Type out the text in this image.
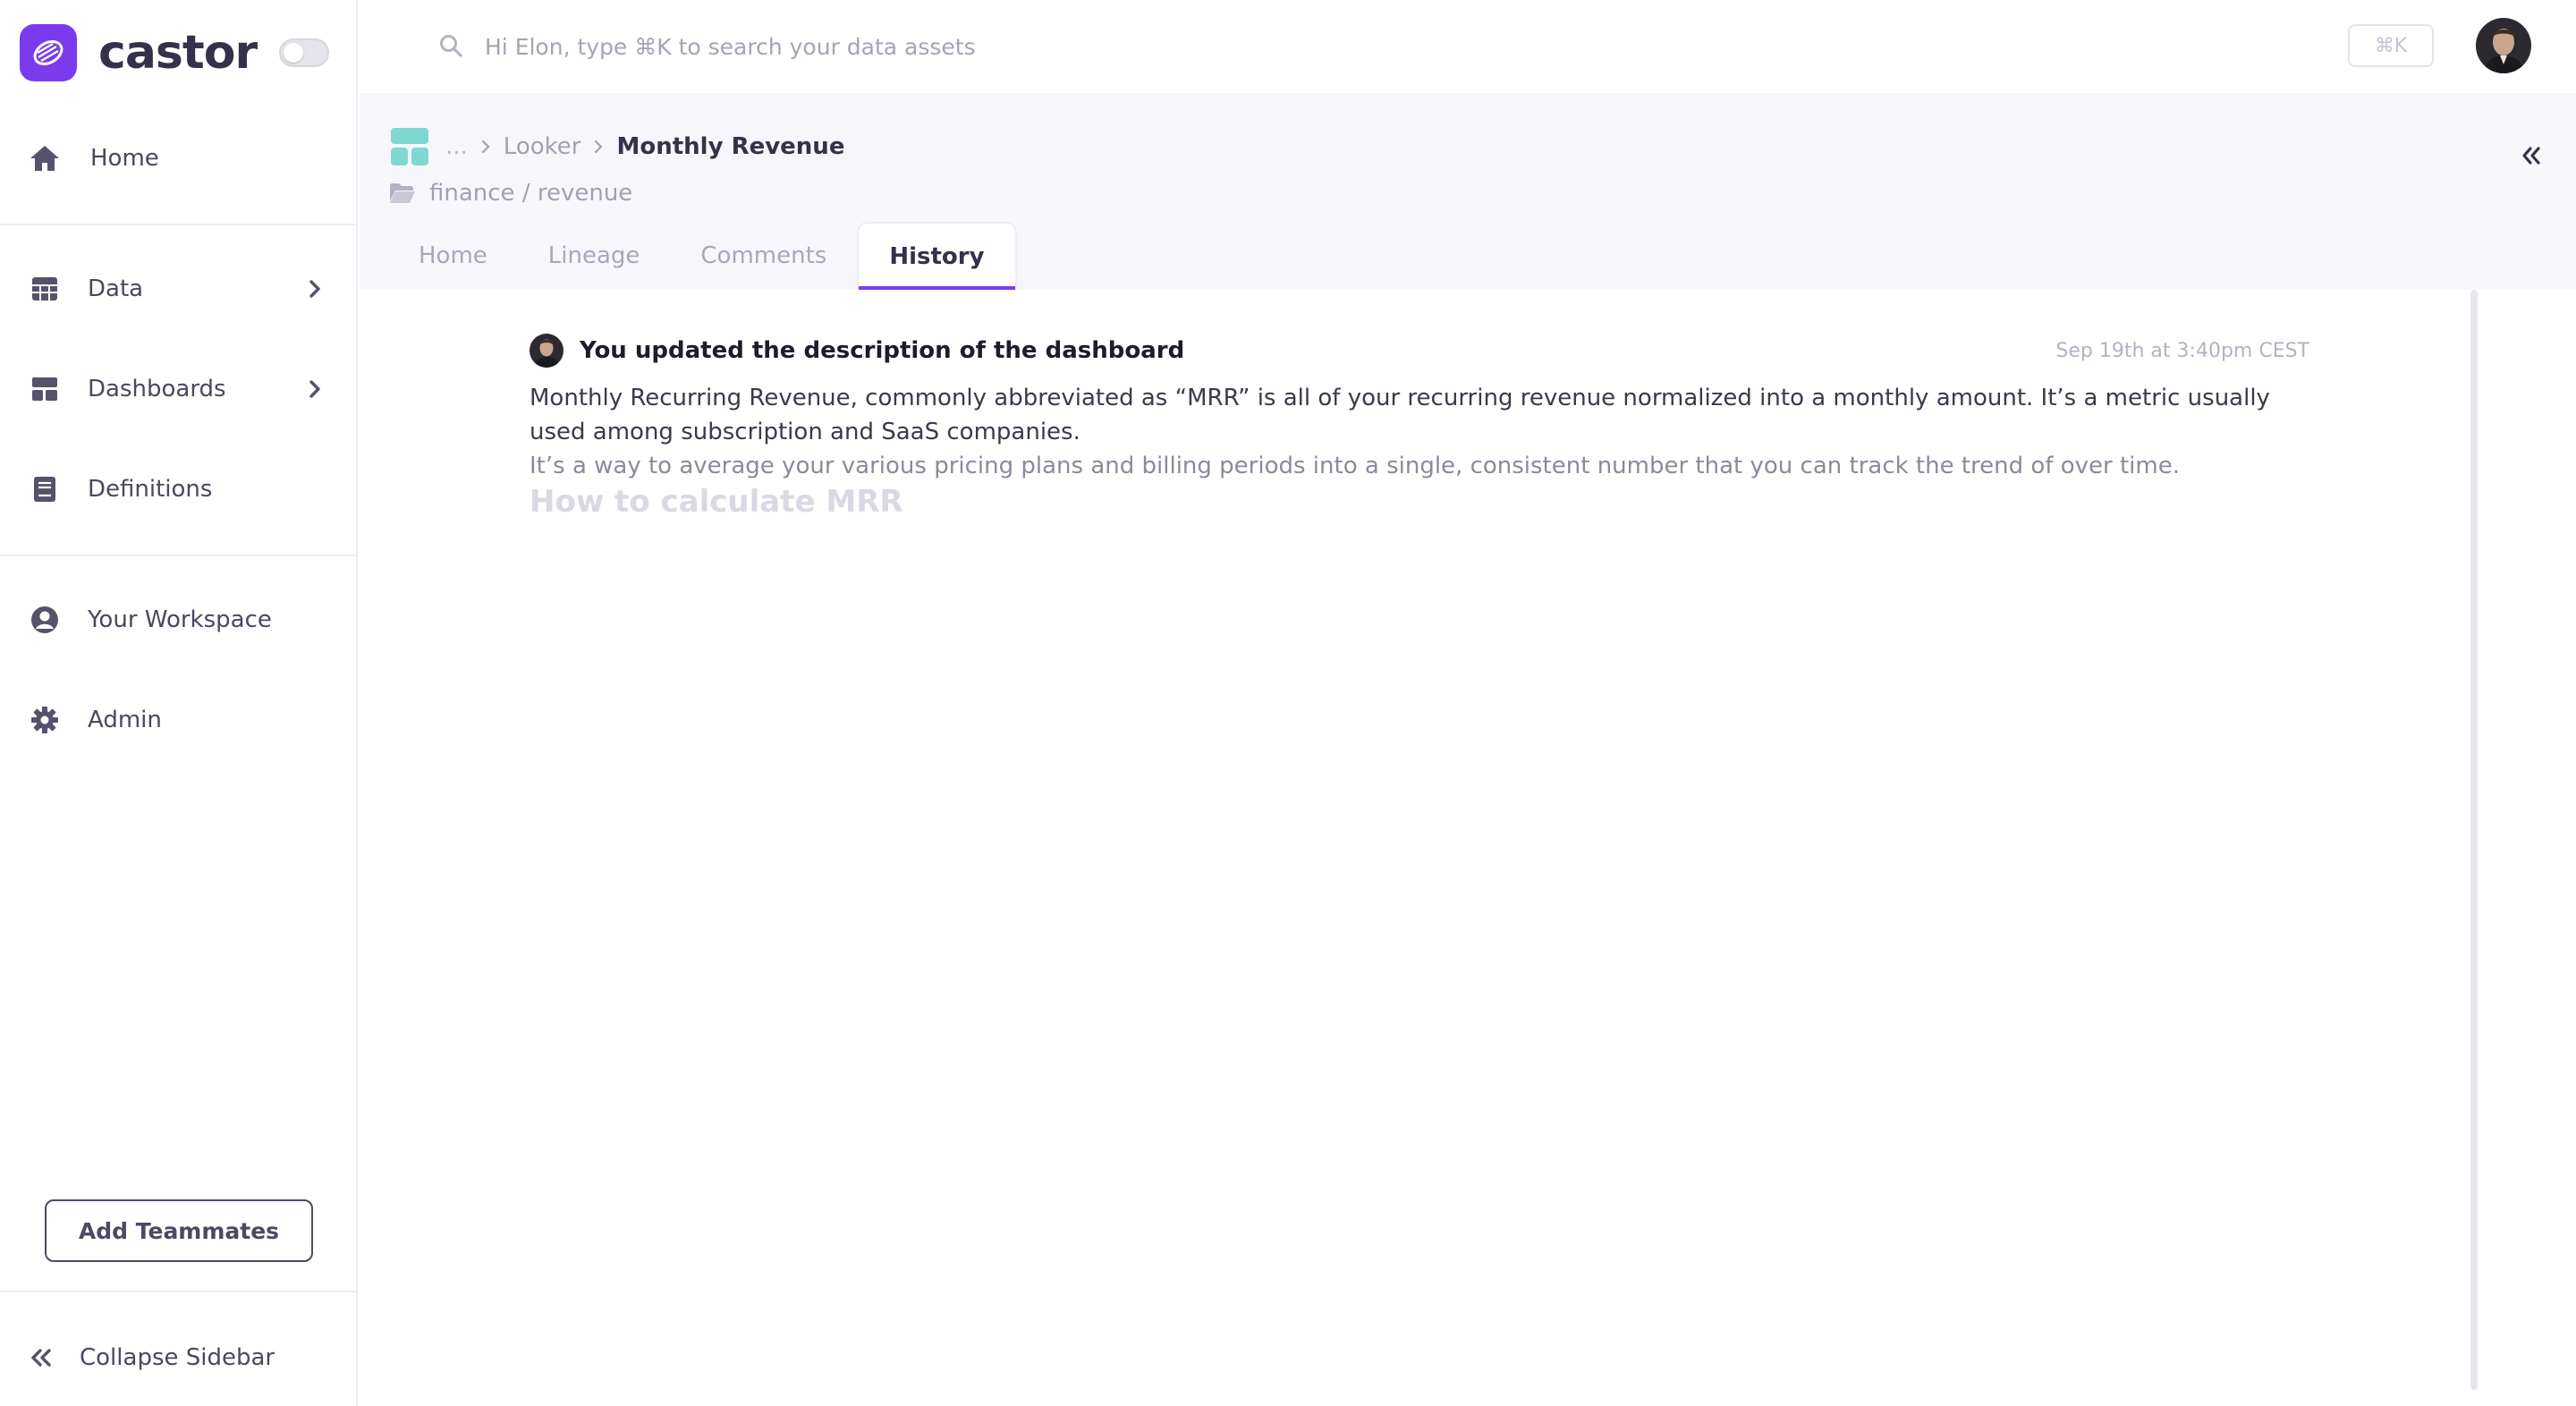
castor
Home
Data
Dashboards
Definitions
Your Workspace
Admin
Add Teammates
Collapse Sidebar
Hi Elon, type ⌘K to search your data assets
⌘K
... Looker Monthly Revenue
finance / revenue
Home	Lineage	Comments	History
You updated the description of the dashboard	Sep 19th at 3:40pm CEST

Monthly Recurring Revenue, commonly abbreviated as “MRR” is all of your recurring revenue normalized into a monthly amount. It’s a metric usually used among subscription and SaaS companies.

It’s a way to average your various pricing plans and billing periods into a single, consistent number that you can track the trend of over time.

How to calculate MRR
